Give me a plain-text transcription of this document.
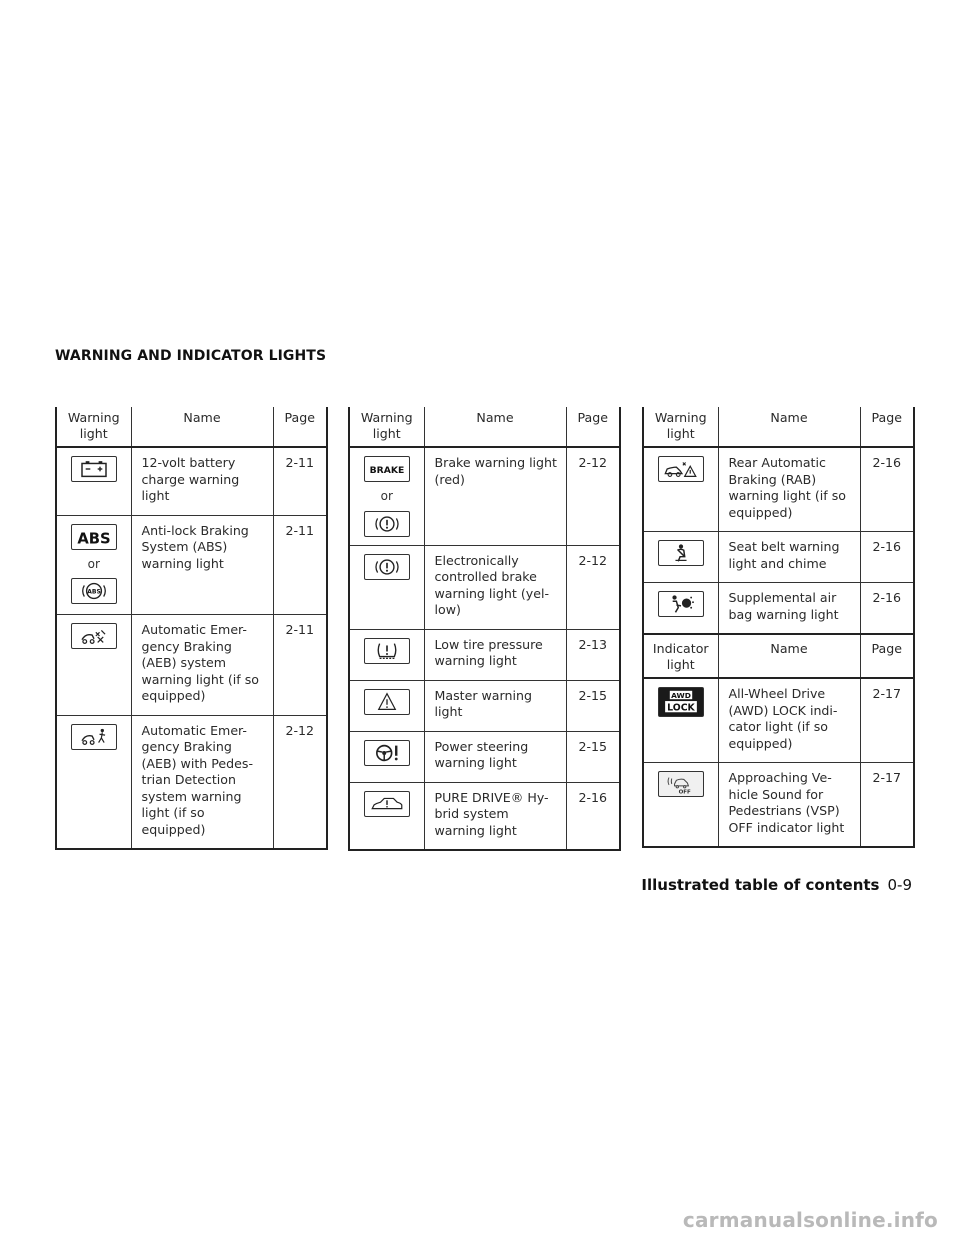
WARNING AND INDICATOR LIGHTS
Warning light	Name	Page

	12-volt battery charge warning light	2-11

ABS
or
ABS	Anti-lock Braking System (ABS) warning light	2-11

	Automatic Emer-gency Braking (AEB) system warning light (if so equipped)	2-11

	Automatic Emer-gency Braking (AEB) with Pedes-trian Detection system warning light (if so equipped)	2-12
Warning light	Name	Page

BRAKE
or	Brake warning light (red)	2-12

	Electronically controlled brake warning light (yel-low)	2-12

	Low tire pressure warning light	2-13

	Master warning light	2-15

	Power steering warning light	2-15

	PURE DRIVE® Hy-brid system warning light	2-16
Warning light	Name	Page

	Rear Automatic Braking (RAB) warning light (if so equipped)	2-16

	Seat belt warning light and chime	2-16

	Supplemental air bag warning light	2-16
Indicator light	Name	Page

AWD
LOCK	All-Wheel Drive (AWD) LOCK indi-cator light (if so equipped)	2-17

OFF	Approaching Ve-hicle Sound for Pedestrians (VSP) OFF indicator light	2-17
Illustrated table of contents 0-9
carmanualsonline.info
